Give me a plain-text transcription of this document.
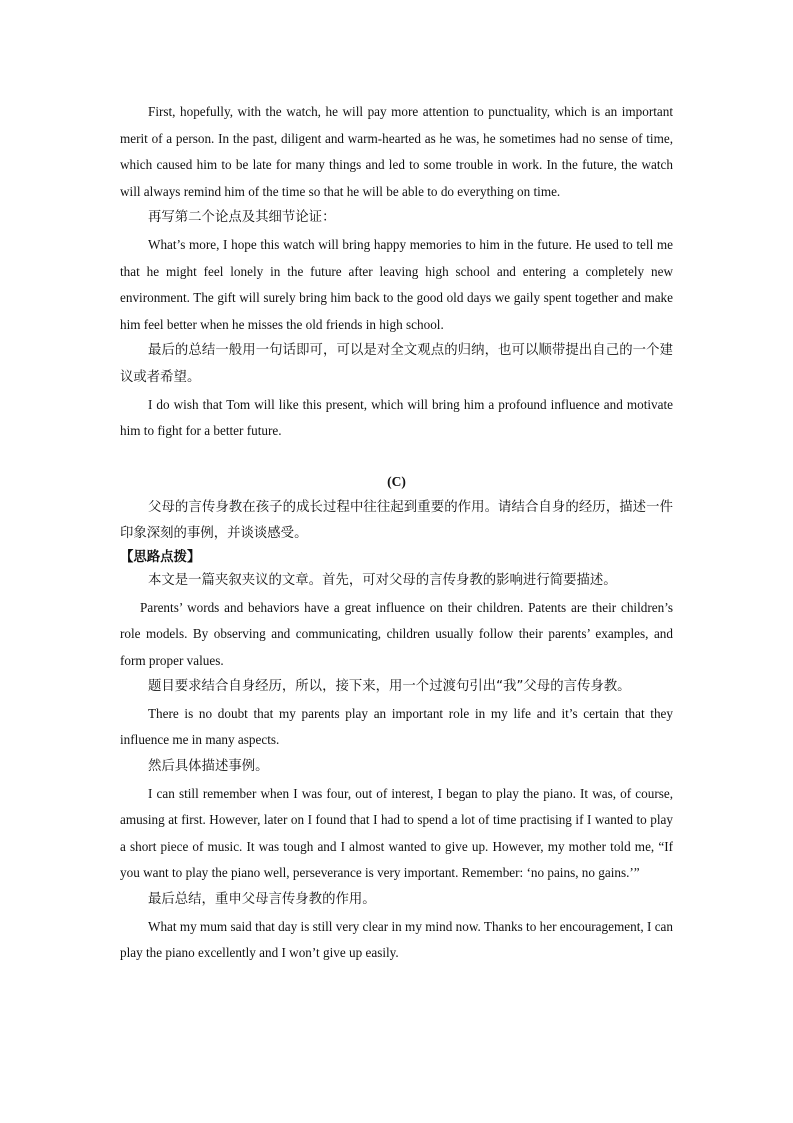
First, hopefully, with the watch, he will pay more attention to punctuality, which is an important merit of a person. In the past, diligent and warm-hearted as he was, he sometimes had no sense of time, which caused him to be late for many things and led to some trouble in work. In the future, the watch will always remind him of the time so that he will be able to do everything on time.

再写第二个论点及其细节论证：

What’s more, I hope this watch will bring happy memories to him in the future. He used to tell me that he might feel lonely in the future after leaving high school and entering a completely new environment. The gift will surely bring him back to the good old days we gaily spent together and make him feel better when he misses the old friends in high school.

最后的总结一般用一句话即可，可以是对全文观点的归纳，也可以顺带提出自己的一个建议或者希望。

I do wish that Tom will like this present, which will bring him a profound influence and motivate him to fight for a better future.

(C)

父母的言传身教在孩子的成长过程中往往起到重要的作用。请结合自身的经历，描述一件印象深刻的事例，并谈谈感受。

【思路点拨】

本文是一篇夹叙夹议的文章。首先，可对父母的言传身教的影响进行简要描述。

Parents’ words and behaviors have a great influence on their children. Patents are their children’s role models. By observing and communicating, children usually follow their parents’ examples, and form proper values.

题目要求结合自身经历，所以，接下来，用一个过渡句引出“我”父母的言传身教。

There is no doubt that my parents play an important role in my life and it’s certain that they influence me in many aspects.

然后具体描述事例。

I can still remember when I was four, out of interest, I began to play the piano. It was, of course, amusing at first. However, later on I found that I had to spend a lot of time practising if I wanted to play a short piece of music. It was tough and I almost wanted to give up. However, my mother told me, “If you want to play the piano well, perseverance is very important. Remember: ‘no pains, no gains.’”

最后总结，重申父母言传身教的作用。

What my mum said that day is still very clear in my mind now. Thanks to her encouragement, I can play the piano excellently and I won’t give up easily.
